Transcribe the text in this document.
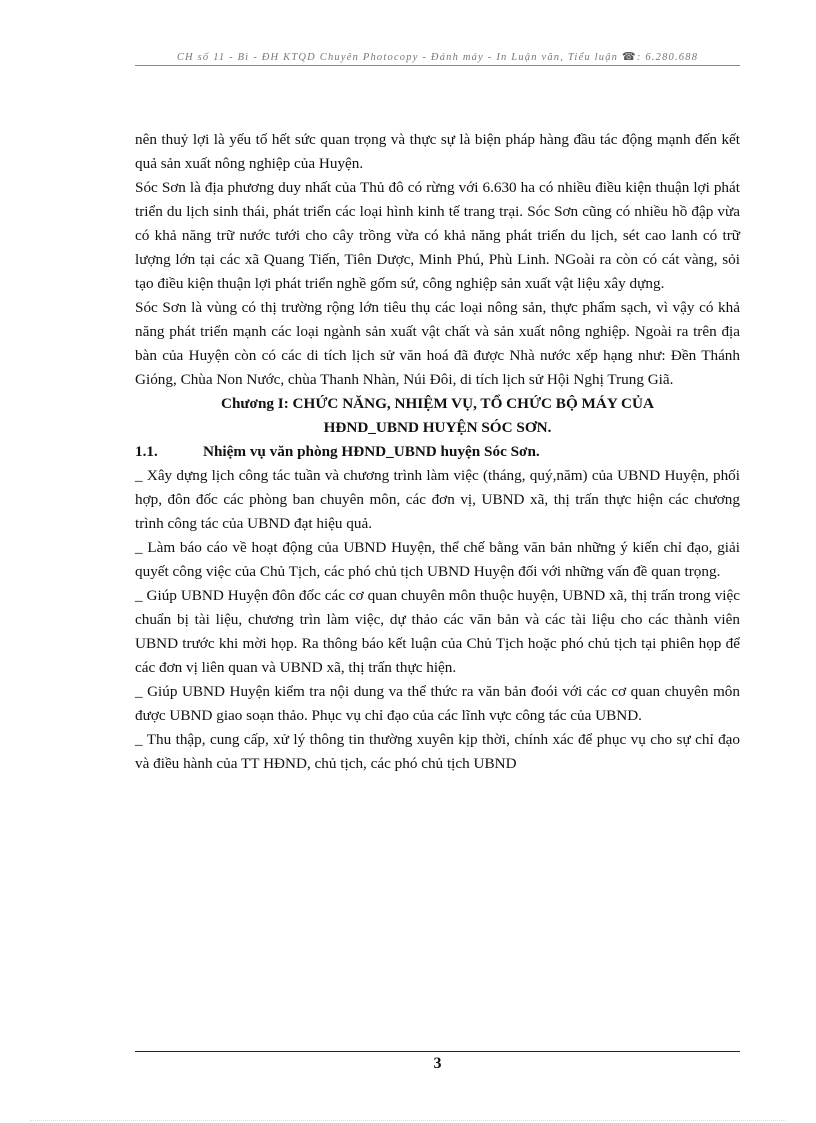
CH số 11 - Bì - ĐH KTQD Chuyên Photocopy - Đánh máy - In Luận văn, Tiểu luận ☎: 6.280.688

nên thuỷ lợi là yếu tố hết sức quan trọng và thực sự là biện pháp hàng đầu tác động mạnh đến kết quả sản xuất nông nghiệp của Huyện.

Sóc Sơn là địa phương duy nhất của Thủ đô có rừng với 6.630 ha có nhiều điều kiện thuận lợi phát triển du lịch sinh thái, phát triển các loại hình kinh tế trang trại. Sóc Sơn cũng có nhiều hồ đập vừa có khả năng trữ nước tưới cho cây trồng vừa có khả năng phát triển du lịch, sét cao lanh có trữ lượng lớn tại các xã Quang Tiến, Tiên Dược, Minh Phú, Phù Linh. NGoài ra còn có cát vàng, sỏi tạo điều kiện thuận lợi phát triển nghề gốm sứ, công nghiệp sản xuất vật liệu xây dựng.

Sóc Sơn là vùng có thị trường rộng lớn tiêu thụ các loại nông sản, thực phẩm sạch, vì vậy có khả năng phát triển mạnh các loại ngành sản xuất vật chất và sản xuất nông nghiệp. Ngoài ra trên địa bàn của Huyện còn có các di tích lịch sử văn hoá đã được Nhà nước xếp hạng như: Đền Thánh Gióng, Chùa Non Nước, chùa Thanh Nhàn, Núi Đôi, di tích lịch sử Hội Nghị Trung Giã.

Chương I: CHỨC NĂNG, NHIỆM VỤ, TỔ CHỨC BỘ MÁY CỦA
HĐND_UBND HUYỆN SÓC SƠN.
1.1.	Nhiệm vụ văn phòng HĐND_UBND huyện Sóc Sơn.

_ Xây dựng lịch công tác tuần và chương trình làm việc (tháng, quý,năm) của UBND Huyện, phối hợp, đôn đốc các phòng ban chuyên môn, các đơn vị, UBND xã, thị trấn thực hiện các chương trình công tác của UBND đạt hiệu quả.

_ Làm báo cáo về hoạt động của UBND Huyện, thể chế bằng văn bản những ý kiến chỉ đạo, giải quyết công việc của Chủ Tịch, các phó chủ tịch UBND Huyện đối với những vấn đề quan trọng.

_ Giúp UBND Huyện đôn đốc các cơ quan chuyên môn thuộc huyện, UBND xã, thị trấn trong việc chuẩn bị tài liệu, chương trìn làm việc, dự thảo các văn bản và các tài liệu cho các thành viên UBND trước khi mời họp. Ra thông báo kết luận của Chủ Tịch hoặc phó chủ tịch tại phiên họp để các đơn vị liên quan và UBND xã, thị trấn thực hiện.

_ Giúp UBND Huyện kiểm tra nội dung va thể thức ra văn bản đoói với các cơ quan chuyên môn được UBND giao soạn thảo. Phục vụ chỉ đạo của các lĩnh vực công tác của UBND.

_ Thu thập, cung cấp, xử lý thông tin thường xuyên kịp thời, chính xác để phục vụ cho sự chỉ đạo và điều hành của TT HĐND, chủ tịch, các phó chủ tịch UBND

3
